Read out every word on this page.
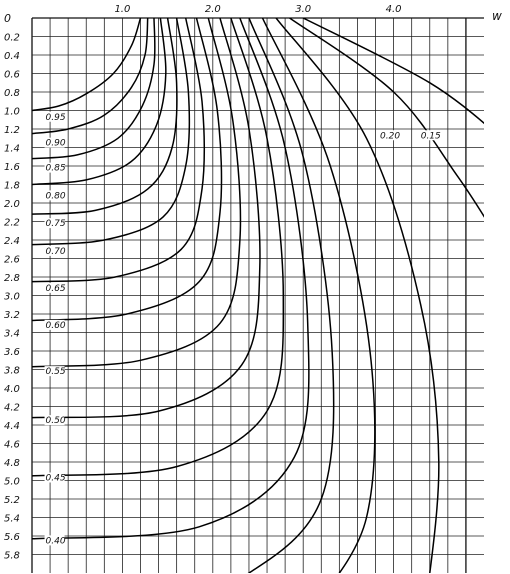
1.0	2.0	3.0	4.0
0.2
0.4
0.6
0.8
1.0
1.2
1.4
1.6
1.8
2.0
2.2
2.4
2.6
2.8
3.0
3.2
3.4
3.6
3.8
4.0
4.2
4.4
4.6
4.8
5.0
5.2
5.4
5.6
5.8
0.95
0.90
0.85
0.80
0.75
0.70
0.65
0.60
0.55
0.50
0.45
0.40
0.20 0.15
w
0
